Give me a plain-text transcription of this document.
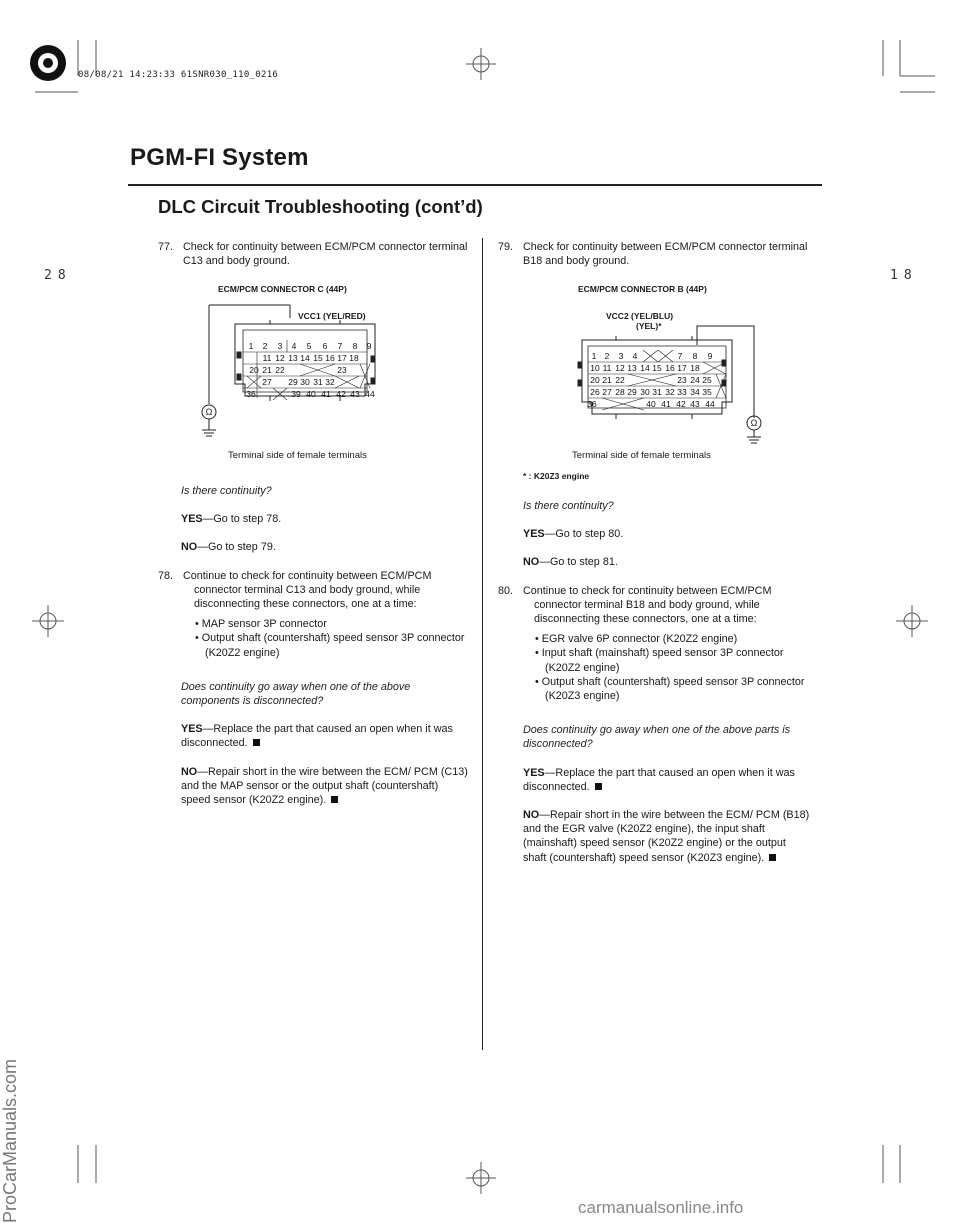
08/08/21 14:23:33 61SNR030_110_0216
PGM-FI System
DLC Circuit Troubleshooting (cont’d)
28	18
ProCarManuals.com	carmanualsonline.info
77. Check for continuity between ECM/PCM connector terminal C13 and body ground.

ECM/PCM CONNECTOR C (44P)
VCC1 (YEL/RED)
1 2 3 4 5 6 7 8 9
11 12 13 14 15 16 17 18
20 21 22	23
27 29 30 31 32
36	39 40 41 42 43 44
Ω
Terminal side of female terminals

Is there continuity?

YES—Go to step 78.

NO—Go to step 79.

78. Continue to check for continuity between ECM/PCM connector terminal C13 and body ground, while disconnecting these connectors, one at a time:

• MAP sensor 3P connector

• Output shaft (countershaft) speed sensor 3P connector (K20Z2 engine)

Does continuity go away when one of the above components is disconnected?

YES—Replace the part that caused an open when it was disconnected.

NO—Repair short in the wire between the ECM/ PCM (C13) and the MAP sensor or the output shaft (countershaft) speed sensor (K20Z2 engine).

79. Check for continuity between ECM/PCM connector terminal B18 and body ground.

ECM/PCM CONNECTOR B (44P)
VCC2 (YEL/BLU)
(YEL)*
1 2 3 4	7 8 9
10 11 12 13 14 15 16 17 18
20 21 22	23 24 25
26 27 28 29 30 31 32 33 34 35
36	40 41 42 43 44
Ω
Terminal side of female terminals
* : K20Z3 engine

Is there continuity?

YES—Go to step 80.

NO—Go to step 81.

80. Continue to check for continuity between ECM/PCM connector terminal B18 and body ground, while disconnecting these connectors, one at a time:

• EGR valve 6P connector (K20Z2 engine)

• Input shaft (mainshaft) speed sensor 3P connector (K20Z2 engine)

• Output shaft (countershaft) speed sensor 3P connector (K20Z3 engine)

Does continuity go away when one of the above parts is disconnected?

YES—Replace the part that caused an open when it was disconnected.

NO—Repair short in the wire between the ECM/ PCM (B18) and the EGR valve (K20Z2 engine), the input shaft (mainshaft) speed sensor (K20Z2 engine) or the output shaft (countershaft) speed sensor (K20Z3 engine).
